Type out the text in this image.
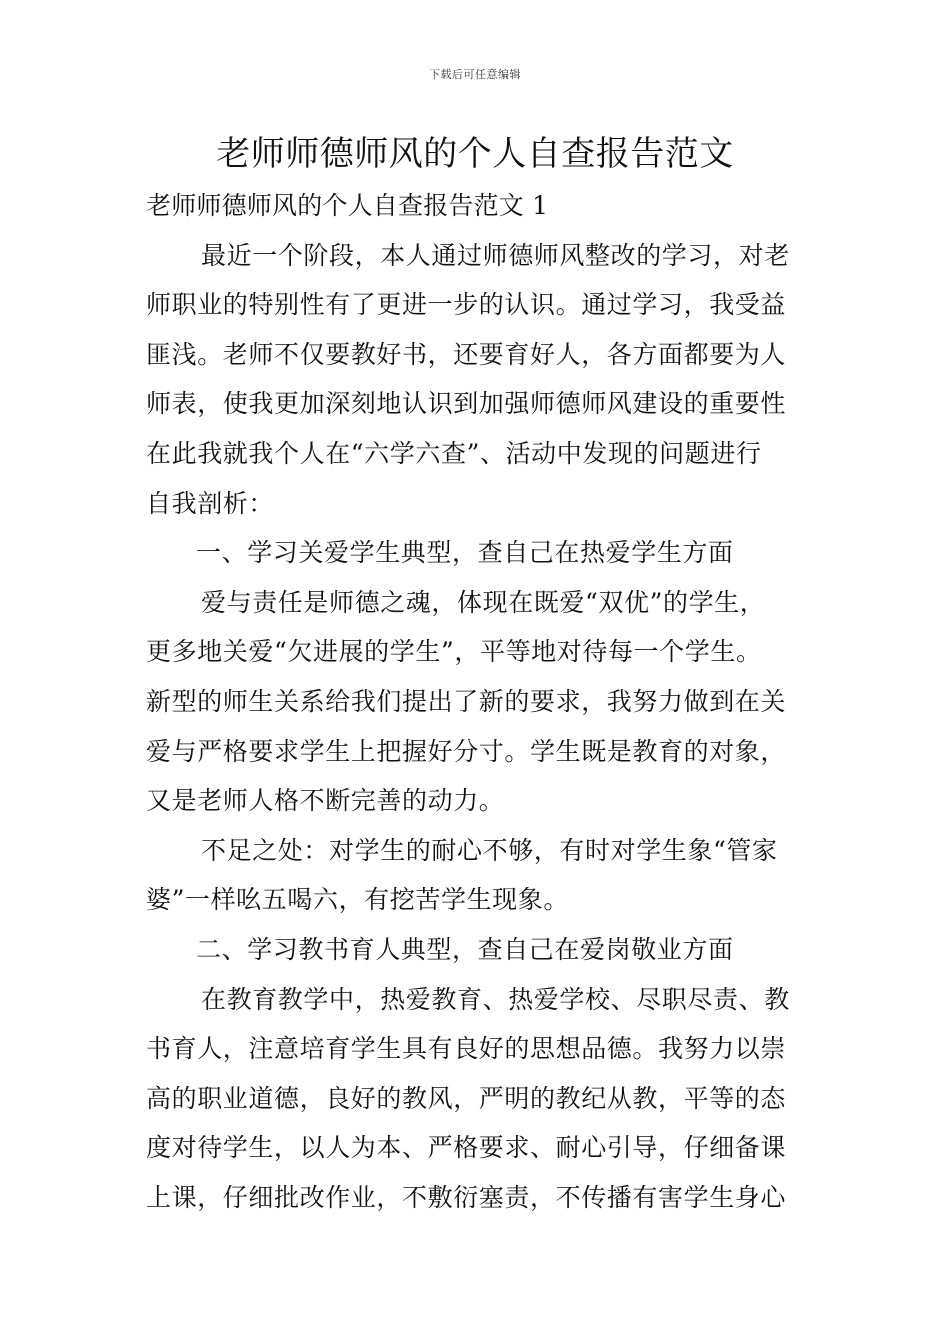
下载后可任意编辑
老师师德师风的个人自查报告范文
老师师德师风的个人自查报告范文 1
最近一个阶段，本人通过师德师风整改的学习，对老
师职业的特别性有了更进一步的认识。通过学习，我受益
匪浅。老师不仅要教好书，还要育好人，各方面都要为人
师表，使我更加深刻地认识到加强师德师风建设的重要性
在此我就我个人在“六学六查”、活动中发现的问题进行
自我剖析：
一、学习关爱学生典型，查自己在热爱学生方面
爱与责任是师德之魂，体现在既爱“双优”的学生，
更多地关爱“欠进展的学生”，平等地对待每一个学生。
新型的师生关系给我们提出了新的要求，我努力做到在关
爱与严格要求学生上把握好分寸。学生既是教育的对象，
又是老师人格不断完善的动力。
不足之处：对学生的耐心不够，有时对学生象“管家
婆”一样吆五喝六，有挖苦学生现象。
二、学习教书育人典型，查自己在爱岗敬业方面
在教育教学中，热爱教育、热爱学校、尽职尽责、教
书育人，注意培育学生具有良好的思想品德。我努力以崇
高的职业道德，良好的教风，严明的教纪从教，平等的态
度对待学生，以人为本、严格要求、耐心引导，仔细备课
上课，仔细批改作业，不敷衍塞责，不传播有害学生身心
